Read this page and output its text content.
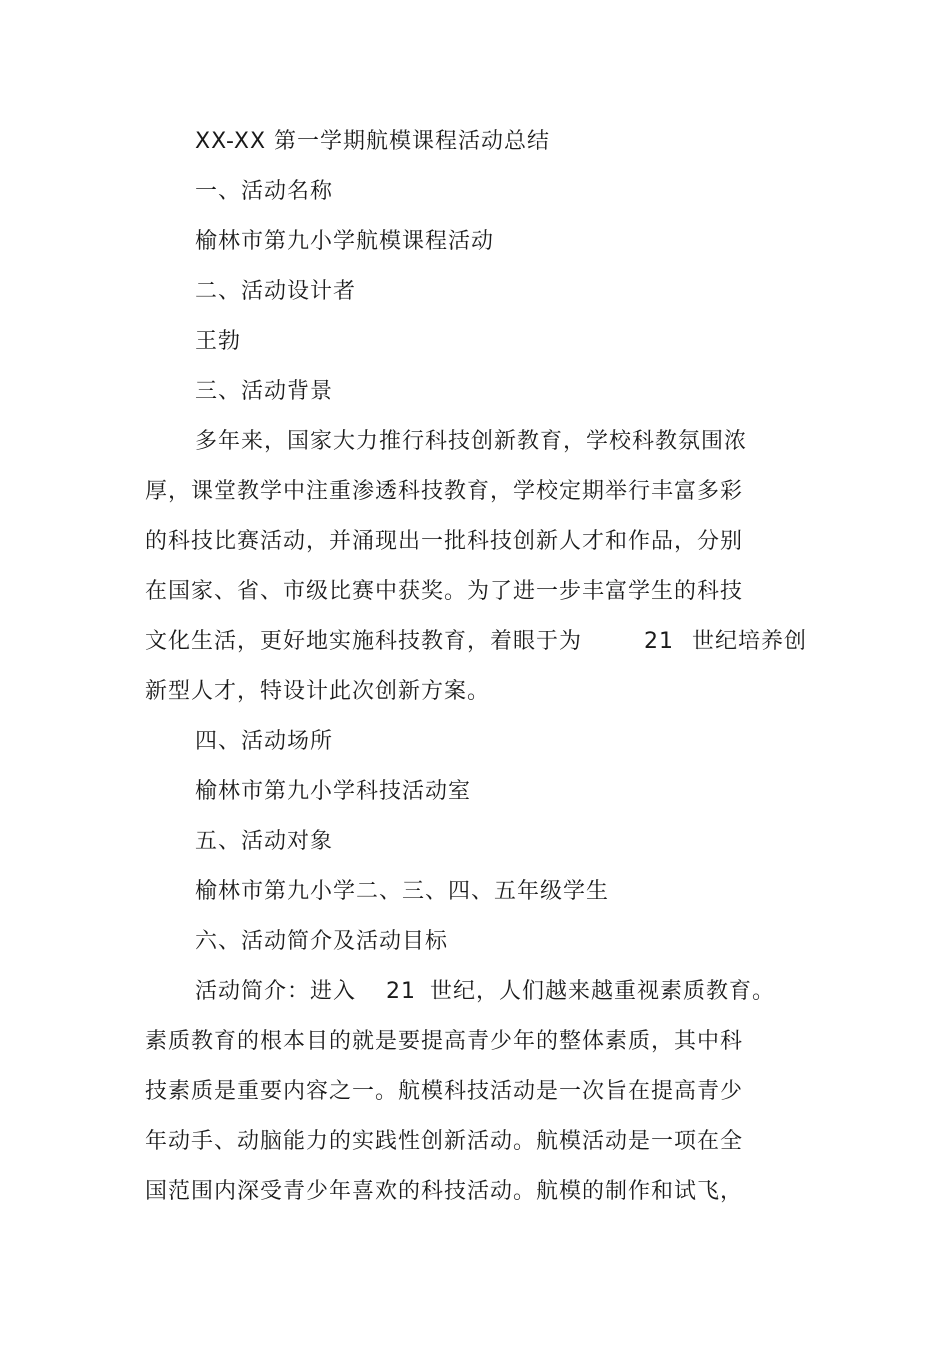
XX-XX 第一学期航模课程活动总结
一、活动名称
榆林市第九小学航模课程活动
二、活动设计者
王勃
三、活动背景
多年来，国家大力推行科技创新教育，学校科教氛围浓
厚，课堂教学中注重渗透科技教育，学校定期举行丰富多彩
的科技比赛活动，并涌现出一批科技创新人才和作品，分别
在国家、省、市级比赛中获奖。为了进一步丰富学生的科技
文化生活，更好地实施科技教育，着眼于为	21 世纪培养创
新型人才，特设计此次创新方案。
四、活动场所
榆林市第九小学科技活动室
五、活动对象
榆林市第九小学二、三、四、五年级学生
六、活动简介及活动目标
活动简介：进入 21 世纪，人们越来越重视素质教育。
素质教育的根本目的就是要提高青少年的整体素质，其中科
技素质是重要内容之一。航模科技活动是一次旨在提高青少
年动手、动脑能力的实践性创新活动。航模活动是一项在全
国范围内深受青少年喜欢的科技活动。航模的制作和试飞，
